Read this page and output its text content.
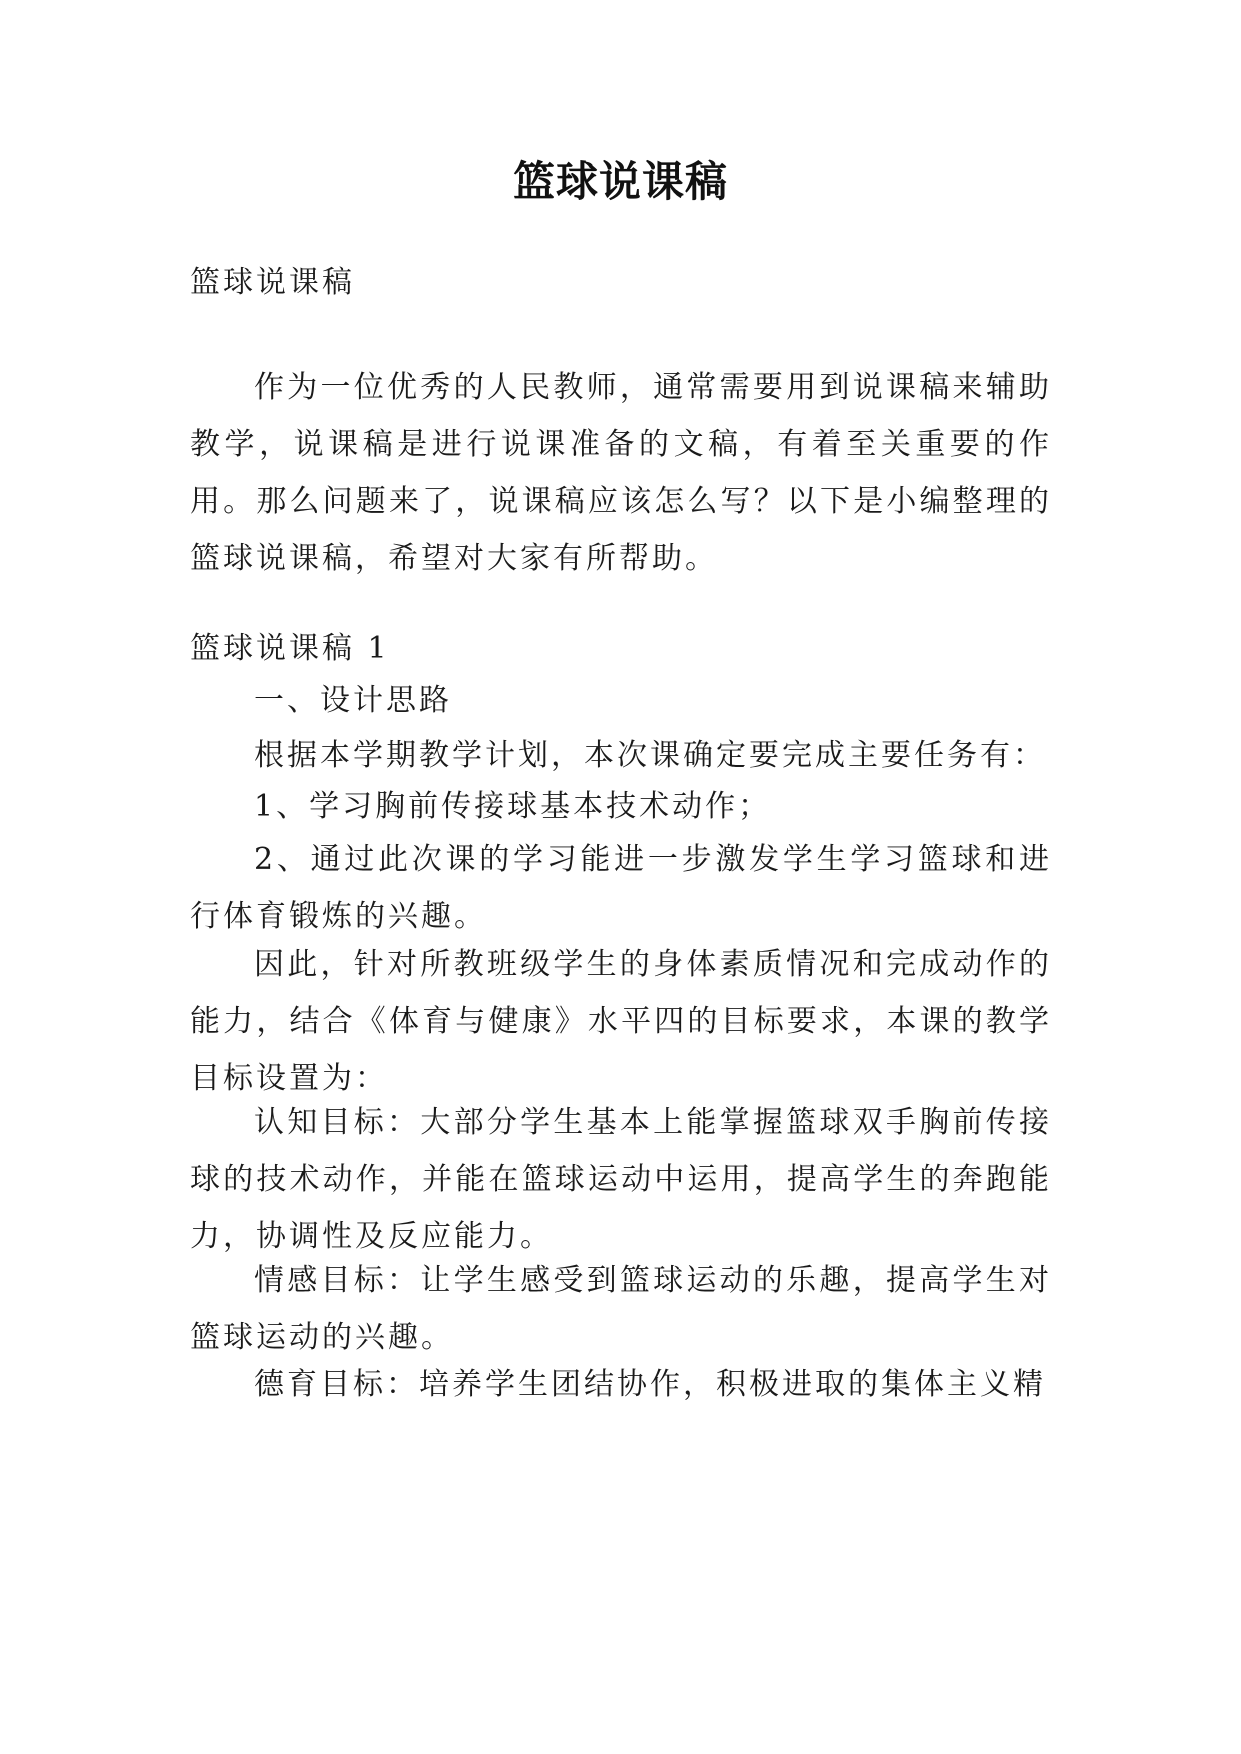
篮球说课稿

篮球说课稿

作为一位优秀的人民教师，通常需要用到说课稿来辅助教学，说课稿是进行说课准备的文稿，有着至关重要的作用。那么问题来了，说课稿应该怎么写？以下是小编整理的篮球说课稿，希望对大家有所帮助。

篮球说课稿 1

一、设计思路

根据本学期教学计划，本次课确定要完成主要任务有：

1、学习胸前传接球基本技术动作；

2、通过此次课的学习能进一步激发学生学习篮球和进行体育锻炼的兴趣。

因此，针对所教班级学生的身体素质情况和完成动作的能力，结合《体育与健康》水平四的目标要求，本课的教学目标设置为：

认知目标：大部分学生基本上能掌握篮球双手胸前传接球的技术动作，并能在篮球运动中运用，提高学生的奔跑能力，协调性及反应能力。

情感目标：让学生感受到篮球运动的乐趣，提高学生对篮球运动的兴趣。

德育目标：培养学生团结协作，积极进取的集体主义精
